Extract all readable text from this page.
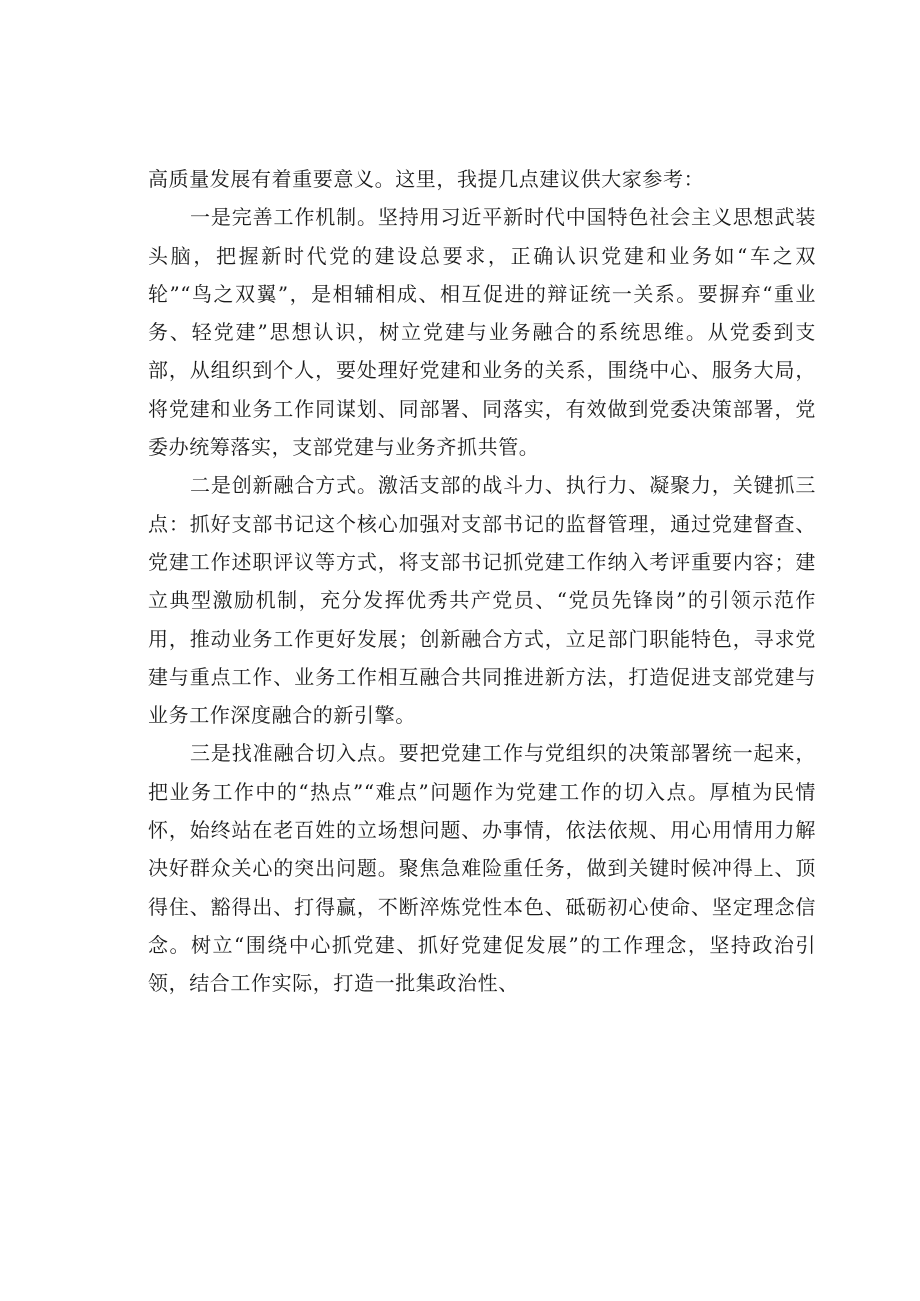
高质量发展有着重要意义。这里，我提几点建议供大家参考：

一是完善工作机制。坚持用习近平新时代中国特色社会主义思想武装头脑，把握新时代党的建设总要求，正确认识党建和业务如“车之双轮”“鸟之双翼”，是相辅相成、相互促进的辩证统一关系。要摒弃“重业务、轻党建”思想认识，树立党建与业务融合的系统思维。从党委到支部，从组织到个人，要处理好党建和业务的关系，围绕中心、服务大局，将党建和业务工作同谋划、同部署、同落实，有效做到党委决策部署，党委办统筹落实，支部党建与业务齐抓共管。

二是创新融合方式。激活支部的战斗力、执行力、凝聚力，关键抓三点：抓好支部书记这个核心加强对支部书记的监督管理，通过党建督查、党建工作述职评议等方式，将支部书记抓党建工作纳入考评重要内容；建立典型激励机制，充分发挥优秀共产党员、“党员先锋岗”的引领示范作用，推动业务工作更好发展；创新融合方式，立足部门职能特色，寻求党建与重点工作、业务工作相互融合共同推进新方法，打造促进支部党建与业务工作深度融合的新引擎。

三是找准融合切入点。要把党建工作与党组织的决策部署统一起来，把业务工作中的“热点”“难点”问题作为党建工作的切入点。厚植为民情怀，始终站在老百姓的立场想问题、办事情，依法依规、用心用情用力解决好群众关心的突出问题。聚焦急难险重任务，做到关键时候冲得上、顶得住、豁得出、打得赢，不断淬炼党性本色、砥砺初心使命、坚定理念信念。树立“围绕中心抓党建、抓好党建促发展”的工作理念，坚持政治引领，结合工作实际，打造一批集政治性、
